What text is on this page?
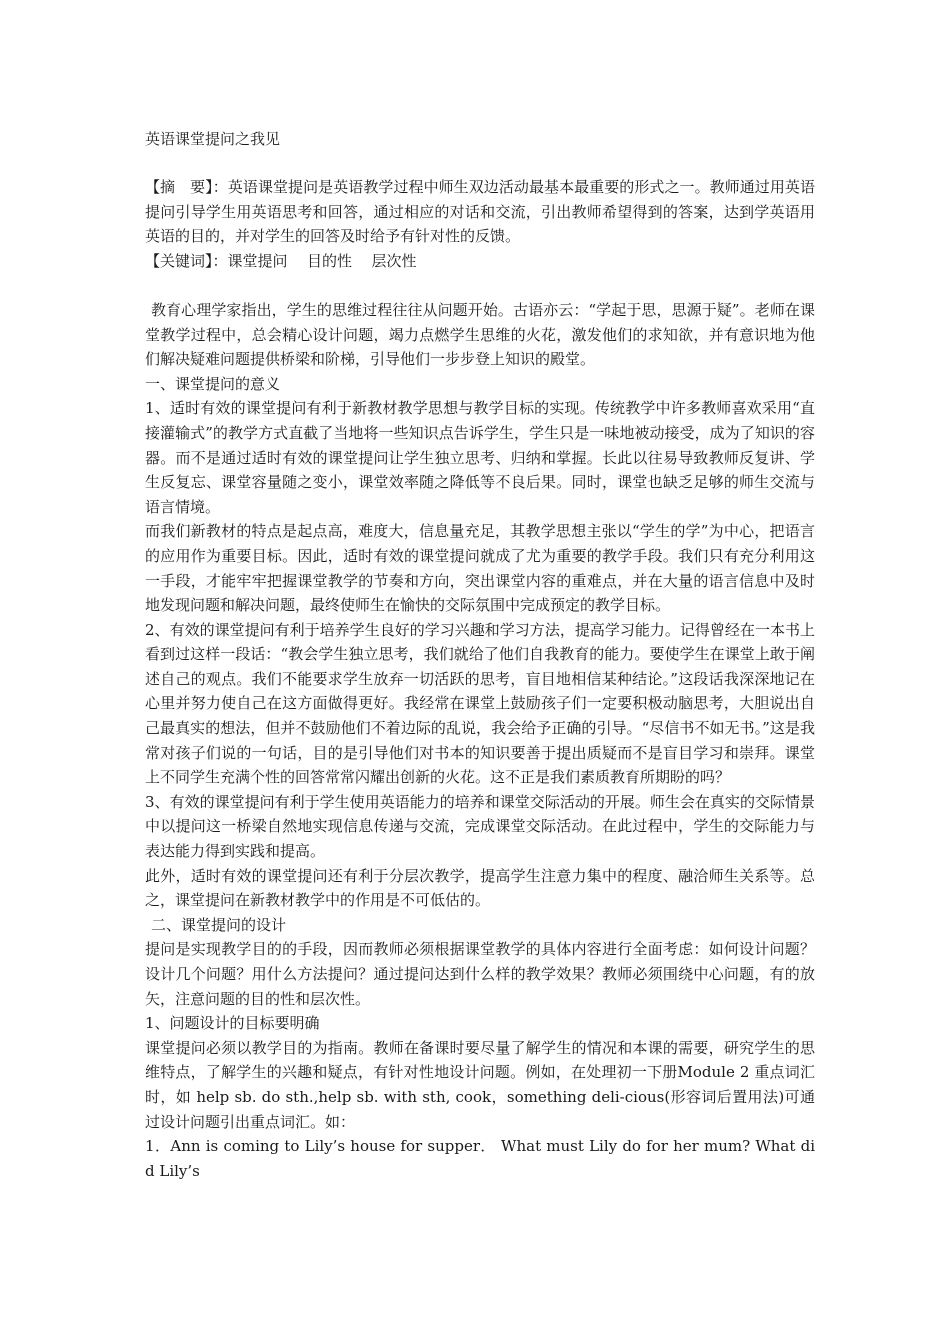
英语课堂提问之我见

【摘　要】：英语课堂提问是英语教学过程中师生双边活动最基本最重要的形式之一。教师通过用英语提问引导学生用英语思考和回答，通过相应的对话和交流，引出教师希望得到的答案，达到学英语用英语的目的，并对学生的回答及时给予有针对性的反馈。

【关键词】：课堂提问 目的性 层次性

教育心理学家指出，学生的思维过程往往从问题开始。古语亦云：“学起于思，思源于疑”。老师在课堂教学过程中，总会精心设计问题，竭力点燃学生思维的火花，激发他们的求知欲，并有意识地为他们解决疑难问题提供桥梁和阶梯，引导他们一步步登上知识的殿堂。

一、课堂提问的意义

1、适时有效的课堂提问有利于新教材教学思想与教学目标的实现。传统教学中许多教师喜欢采用“直接灌输式”的教学方式直截了当地将一些知识点告诉学生，学生只是一味地被动接受，成为了知识的容器。而不是通过适时有效的课堂提问让学生独立思考、归纳和掌握。长此以往易导致教师反复讲、学生反复忘、课堂容量随之变小，课堂效率随之降低等不良后果。同时，课堂也缺乏足够的师生交流与语言情境。

而我们新教材的特点是起点高，难度大，信息量充足，其教学思想主张以“学生的学”为中心，把语言的应用作为重要目标。因此，适时有效的课堂提问就成了尤为重要的教学手段。我们只有充分利用这一手段，才能牢牢把握课堂教学的节奏和方向，突出课堂内容的重难点，并在大量的语言信息中及时地发现问题和解决问题，最终使师生在愉快的交际氛围中完成预定的教学目标。

2、有效的课堂提问有利于培养学生良好的学习兴趣和学习方法，提高学习能力。记得曾经在一本书上看到过这样一段话：“教会学生独立思考，我们就给了他们自我教育的能力。要使学生在课堂上敢于阐述自己的观点。我们不能要求学生放弃一切活跃的思考，盲目地相信某种结论。”这段话我深深地记在心里并努力使自己在这方面做得更好。我经常在课堂上鼓励孩子们一定要积极动脑思考，大胆说出自己最真实的想法，但并不鼓励他们不着边际的乱说，我会给予正确的引导。“尽信书不如无书。”这是我常对孩子们说的一句话，目的是引导他们对书本的知识要善于提出质疑而不是盲目学习和崇拜。课堂上不同学生充满个性的回答常常闪耀出创新的火花。这不正是我们素质教育所期盼的吗？

3、有效的课堂提问有利于学生使用英语能力的培养和课堂交际活动的开展。师生会在真实的交际情景中以提问这一桥梁自然地实现信息传递与交流，完成课堂交际活动。在此过程中，学生的交际能力与表达能力得到实践和提高。

此外，适时有效的课堂提问还有利于分层次教学，提高学生注意力集中的程度、融洽师生关系等。总之，课堂提问在新教材教学中的作用是不可低估的。

二、课堂提问的设计

提问是实现教学目的的手段，因而教师必须根据课堂教学的具体内容进行全面考虑：如何设计问题？设计几个问题？用什么方法提问？通过提问达到什么样的教学效果？教师必须围绕中心问题，有的放矢，注意问题的目的性和层次性。

1、问题设计的目标要明确

课堂提问必须以教学目的为指南。教师在备课时要尽量了解学生的情况和本课的需要，研究学生的思维特点，了解学生的兴趣和疑点，有针对性地设计问题。例如，在处理初一下册Module 2 重点词汇时，如 help sb. do sth.,help sb. with sth, cook，something deli-cious(形容词后置用法)可通过设计问题引出重点词汇。如：

1．Ann is coming to Lily’s house for supper． What must Lily do for her mum? What did Lily’s
